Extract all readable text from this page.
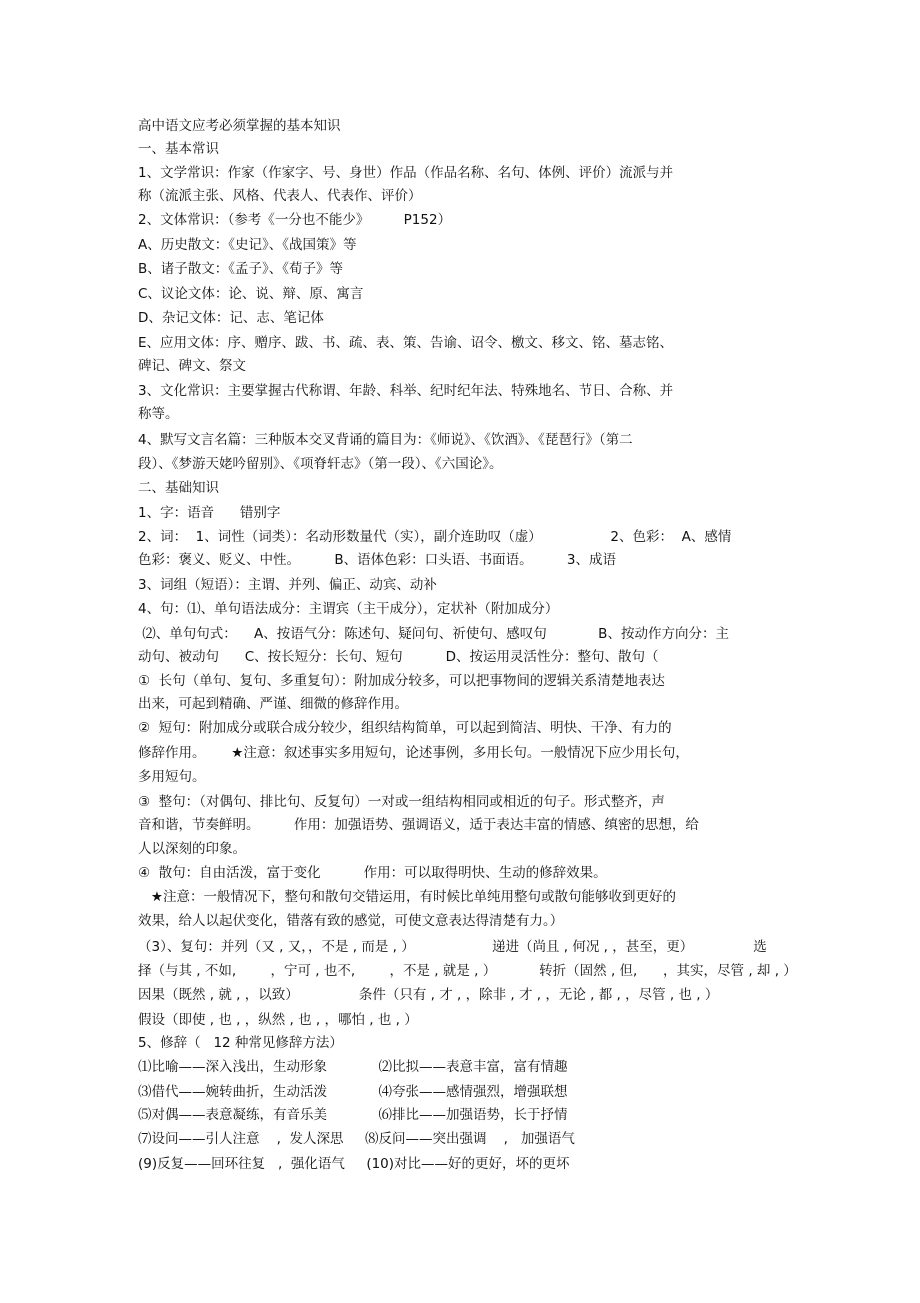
高中语文应考必须掌握的基本知识
一、基本常识
1、文学常识：作家（作家字、号、身世）作品（作品名称、名句、体例、评价）流派与并
称（流派主张、风格、代表人、代表作、评价）
2、文体常识：（参考《一分也不能少》        P152）
A、历史散文：《史记》、《战国策》等
B、诸子散文：《孟子》、《荀子》等
C、议论文体：论、说、辩、原、寓言
D、杂记文体：记、志、笔记体
E、应用文体：序、赠序、跋、书、疏、表、策、告谕、诏令、檄文、移文、铭、墓志铭、
碑记、碑文、祭文
3、文化常识：主要掌握古代称谓、年龄、科举、纪时纪年法、特殊地名、节日、合称、并
称等。
4、默写文言名篇：三种版本交叉背诵的篇目为：《师说》、《饮酒》、《琵琶行》（第二
段）、《梦游天姥吟留别》、《项脊轩志》（第一段）、《六国论》。
二、基础知识
1、字：语音      错别字
2、词：  1、词性（词类）：名动形数量代（实），副介连助叹（虚）                2、色彩：  A、感情
色彩：褒义、贬义、中性。        B、语体色彩：口头语、书面语。        3、成语
3、词组（短语）：主谓、并列、偏正、动宾、动补
4、句：⑴、单句语法成分：主谓宾（主干成分），定状补（附加成分）
⑵、单句句式：    A、按语气分：陈述句、疑问句、祈使句、感叹句            B、按动作方向分：主
动句、被动句      C、按长短分：长句、短句          D、按运用灵活性分：整句、散句（
①  长句（单句、复句、多重复句）：附加成分较多，可以把事物间的逻辑关系清楚地表达
出来，可起到精确、严谨、细微的修辞作用。
②  短句：附加成分或联合成分较少，组织结构简单，可以起到简洁、明快、干净、有力的
修辞作用。      ★注意：叙述事实多用短句，论述事例，多用长句。一般情况下应少用长句，
多用短句。
③  整句：（对偶句、排比句、反复句）一对或一组结构相同或相近的句子。形式整齐，声
音和谐，节奏鲜明。        作用：加强语势、强调语义，适于表达丰富的情感、缜密的思想，给
人以深刻的印象。
④  散句：自由活泼，富于变化          作用：可以取得明快、生动的修辞效果。
★注意：一般情况下，整句和散句交错运用，有时候比单纯用整句或散句能够收到更好的
效果，给人以起伏变化，错落有致的感觉，可使文意表达得清楚有力。）
（3）、复句：并列（又 , 又，，不是 , 而是 , ）                  递进（尚且 , 何况 , ，甚至，更）              选
择（与其 , 不如,        ，宁可 , 也不,        ，不是 , 就是 , ）          转折（固然 , 但,      ，其实，尽管 , 却 , ）
因果（既然 , 就 , ，以致）              条件（只有 , 才 , ，除非 , 才 , ，无论 , 都 , ，尽管 , 也 , ）
假设（即使 , 也 , ，纵然 , 也 , ，哪怕 , 也 , ）
5、修辞（   12 种常见修辞方法）
⑴比喻——深入浅出，生动形象            ⑵比拟——表意丰富，富有情趣
⑶借代——婉转曲折，生动活泼            ⑷夸张——感情强烈，增强联想
⑸对偶——表意凝练，有音乐美            ⑹排比——加强语势，长于抒情
⑺设问——引人注意    ,  发人深思     ⑻反问——突出强调    ,   加强语气
(9)反复——回环往复   ,  强化语气     (10)对比——好的更好，坏的更坏
